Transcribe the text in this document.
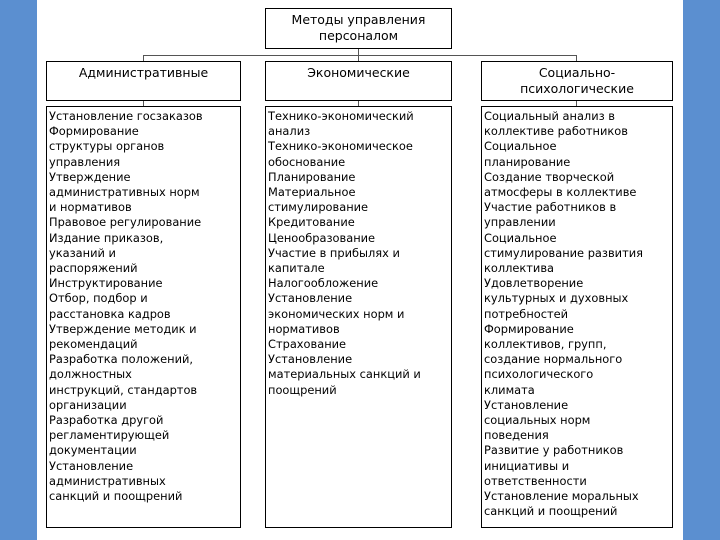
Методы управления
персоналом
Административные	Экономические	Социально-
психологические
Установление госзаказов
Формирование
структуры органов
управления
Утверждение
административных норм
и нормативов
Правовое регулирование
Издание приказов,
указаний и
распоряжений
Инструктирование
Отбор, подбор и
расстановка кадров
Утверждение методик и
рекомендаций
Разработка положений,
должностных
инструкций, стандартов
организации
Разработка другой
регламентирующей
документации
Установление
административных
санкций и поощрений
Технико-экономический
анализ
Технико-экономическое
обоснование
Планирование
Материальное
стимулирование
Кредитование
Ценообразование
Участие в прибылях и
капитале
Налогообложение
Установление
экономических норм и
нормативов
Страхование
Установление
материальных санкций и
поощрений
Социальный анализ в
коллективе работников
Социальное
планирование
Создание творческой
атмосферы в коллективе
Участие работников в
управлении
Социальное
стимулирование развития
коллектива
Удовлетворение
культурных и духовных
потребностей
Формирование
коллективов, групп,
создание нормального
психологического
климата
Установление
социальных норм
поведения
Развитие у работников
инициативы и
ответственности
Установление моральных
санкций и поощрений
